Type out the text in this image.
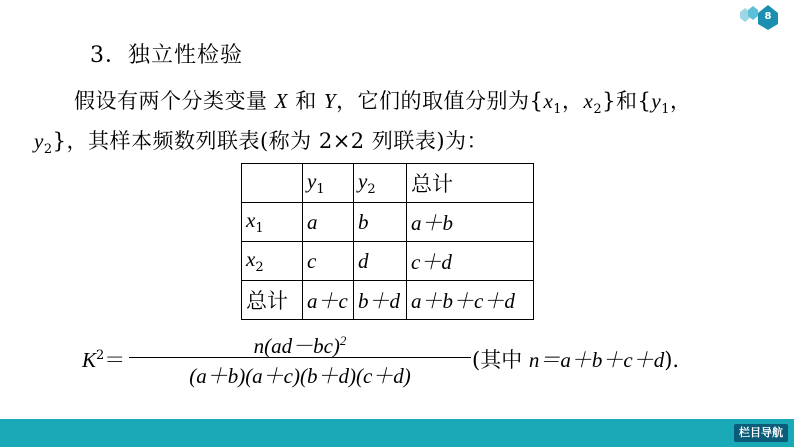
8
3．独立性检验
假设有两个分类变量 X 和 Y，它们的取值分别为{$x_1$，$x_2$}和{$y_1$，
$y_2$}，其样本频数列联表(称为 2×2 列联表)为：
	$y_1$	$y_2$	总计
$x_1$	a	b	a＋b
$x_2$	c	d	c＋d
总计	a＋c	b＋d	a＋b＋c＋d
$K^2=$
$n(ad-bc)^2$
(a＋b)(a＋c)(b＋d)(c＋d)
(其中 n＝a＋b＋c＋d).
栏目导航
